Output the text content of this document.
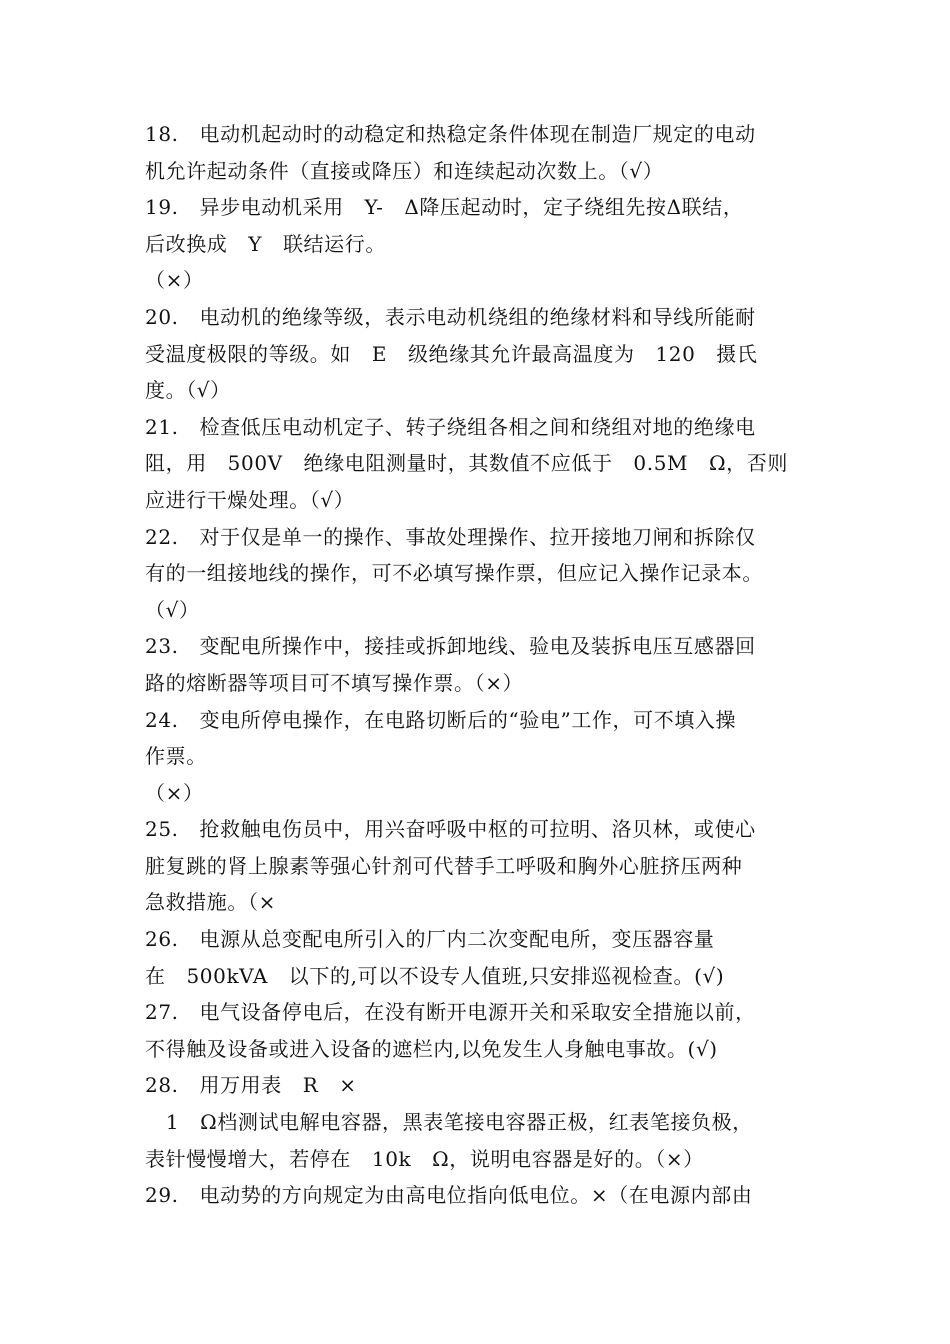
18.   电动机起动时的动稳定和热稳定条件体现在制造厂规定的电动
机允许起动条件（直接或降压）和连续起动次数上。（√）
19.   异步电动机采用   Y-   Δ降压起动时，定子绕组先按Δ联结，
后改换成   Y   联结运行。
（×）
20.   电动机的绝缘等级，表示电动机绕组的绝缘材料和导线所能耐
受温度极限的等级。如   E   级绝缘其允许最高温度为   120   摄氏
度。（√）
21.   检查低压电动机定子、转子绕组各相之间和绕组对地的绝缘电
阻，用   500V   绝缘电阻测量时，其数值不应低于   0.5M   Ω，否则
应进行干燥处理。（√）
22.   对于仅是单一的操作、事故处理操作、拉开接地刀闸和拆除仅
有的一组接地线的操作，可不必填写操作票，但应记入操作记录本。
（√）
23.   变配电所操作中，接挂或拆卸地线、验电及装拆电压互感器回
路的熔断器等项目可不填写操作票。（×）
24.   变电所停电操作，在电路切断后的“验电”工作，可不填入操
作票。
（×）
25.   抢救触电伤员中，用兴奋呼吸中枢的可拉明、洛贝林，或使心
脏复跳的肾上腺素等强心针剂可代替手工呼吸和胸外心脏挤压两种
急救措施。（×
26.   电源从总变配电所引入的厂内二次变配电所，变压器容量
在   500kVA   以下的,可以不设专人值班,只安排巡视检查。(√)
27.   电气设备停电后，在没有断开电源开关和采取安全措施以前，
不得触及设备或进入设备的遮栏内,以免发生人身触电事故。(√)
28.   用万用表   R   ×
1   Ω档测试电解电容器，黑表笔接电容器正极，红表笔接负极，
表针慢慢增大，若停在   10k   Ω，说明电容器是好的。（×）
29.   电动势的方向规定为由高电位指向低电位。×（在电源内部由
